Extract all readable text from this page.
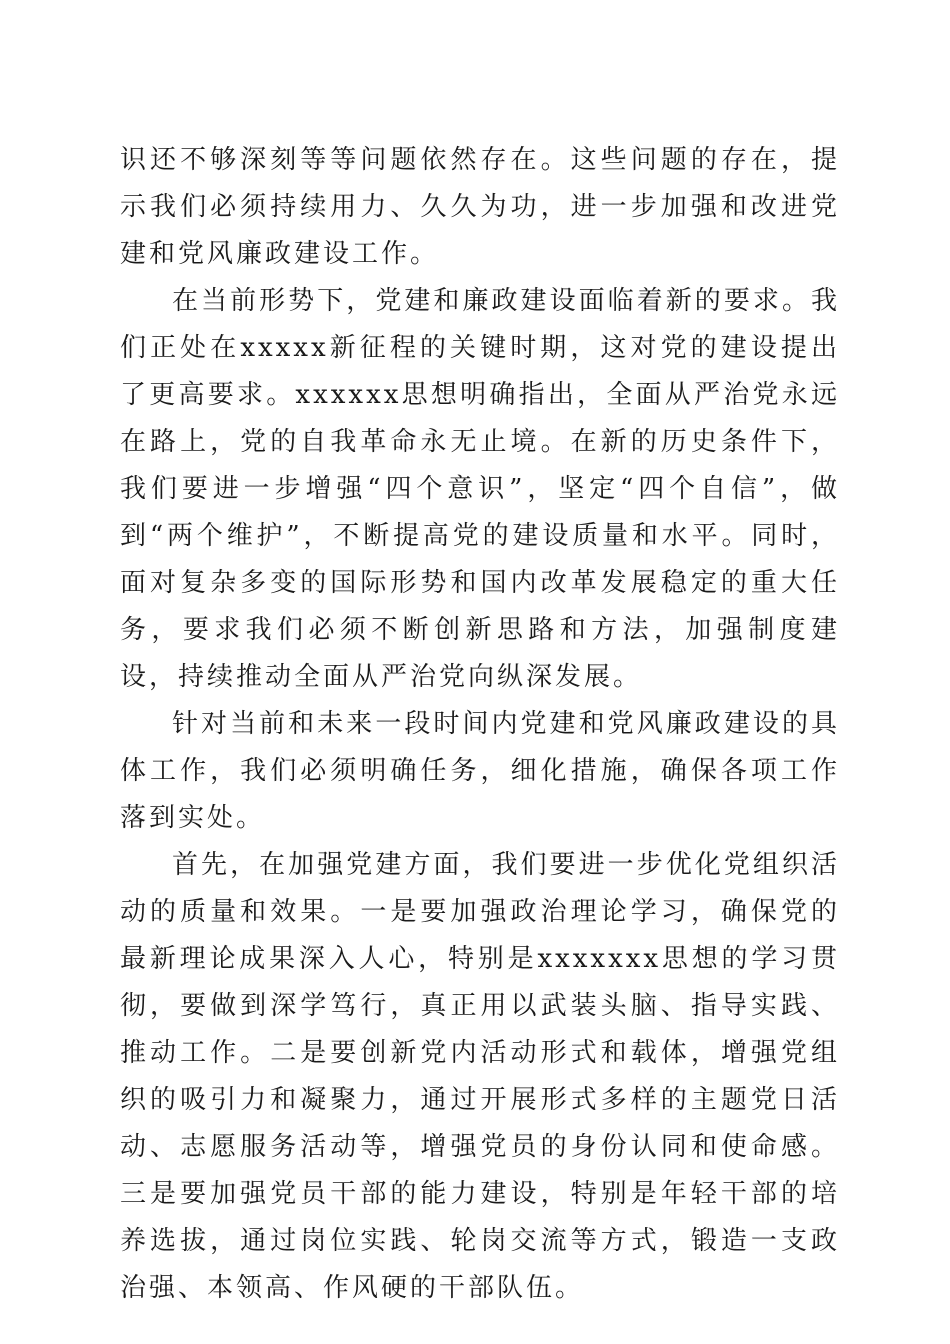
识还不够深刻等等问题依然存在。这些问题的存在，提示我们必须持续用力、久久为功，进一步加强和改进党建和党风廉政建设工作。

在当前形势下，党建和廉政建设面临着新的要求。我们正处在xxxxx新征程的关键时期，这对党的建设提出了更高要求。xxxxxx思想明确指出，全面从严治党永远在路上，党的自我革命永无止境。在新的历史条件下，我们要进一步增强“四个意识”，坚定“四个自信”，做到“两个维护”，不断提高党的建设质量和水平。同时，面对复杂多变的国际形势和国内改革发展稳定的重大任务，要求我们必须不断创新思路和方法，加强制度建设，持续推动全面从严治党向纵深发展。

针对当前和未来一段时间内党建和党风廉政建设的具体工作，我们必须明确任务，细化措施，确保各项工作落到实处。

首先，在加强党建方面，我们要进一步优化党组织活动的质量和效果。一是要加强政治理论学习，确保党的最新理论成果深入人心，特别是xxxxxxx思想的学习贯彻，要做到深学笃行，真正用以武装头脑、指导实践、推动工作。二是要创新党内活动形式和载体，增强党组织的吸引力和凝聚力，通过开展形式多样的主题党日活动、志愿服务活动等，增强党员的身份认同和使命感。三是要加强党员干部的能力建设，特别是年轻干部的培养选拔，通过岗位实践、轮岗交流等方式，锻造一支政治强、本领高、作风硬的干部队伍。
